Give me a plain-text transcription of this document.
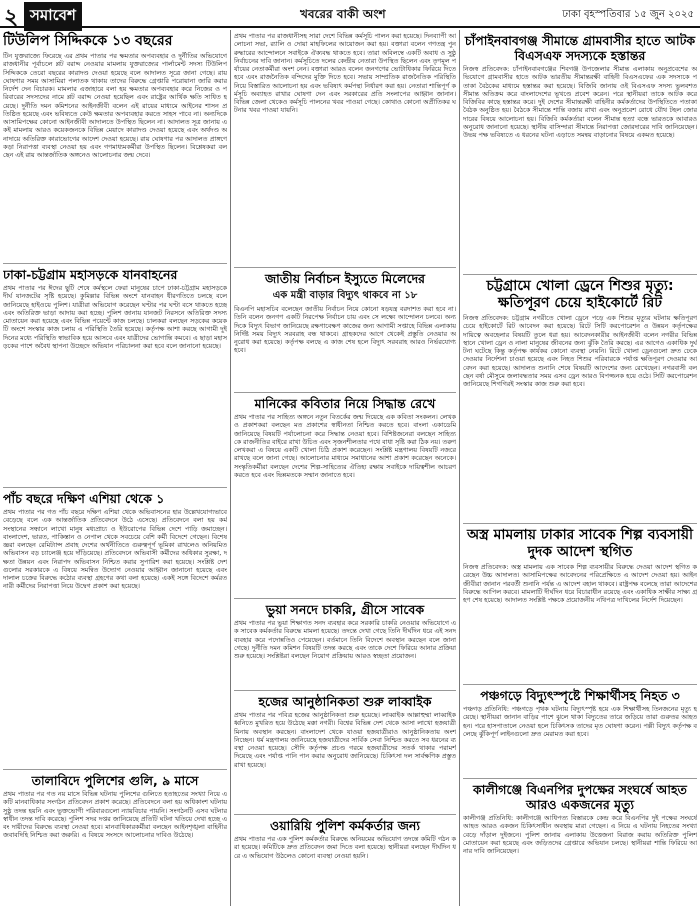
২ সমাবেশ	খবরের বাকী অংশ	ঢাকা বৃহস্পতিবার ১৫ জুন ২০২৫
টিউলিপ সিদ্দিককে ১৩ বছরের

টিন যুক্তরাজ্যে ফিরেছে এর প্রথম পাতার পর ক্ষমতার অপব্যবহার ও দুর্নীতির অভিযোগে রাজধানীর পূর্বাচলে প্লট বরাদ্দ নেওয়ার মামলায় যুক্তরাজ্যের পার্লামেন্ট সদস্য টিউলিপ সিদ্দিককে তেরো বছরের কারাদণ্ড দেওয়া হয়েছে বলে আদালত সূত্রে জানা গেছে। রায় ঘোষণার সময় আসামিরা পলাতক থাকায় তাদের বিরুদ্ধে গ্রেপ্তারি পরোয়ানা জারি করার নির্দেশ দেন বিচারক। মামলার এজাহারে বলা হয় ক্ষমতার অপব্যবহার করে নিজের ও পরিবারের সদস্যদের নামে প্লট বরাদ্দ নেওয়া হয়েছিল এবং রাষ্ট্রের আর্থিক ক্ষতি সাধিত হয়েছে। দুর্নীতি দমন কমিশনের আইনজীবী বলেন এই রায়ের মাধ্যমে আইনের শাসন প্রতিষ্ঠিত হয়েছে এবং ভবিষ্যতে কেউ ক্ষমতার অপব্যবহার করতে সাহস পাবে না। অন্যদিকে আসামিপক্ষের কোনো আইনজীবী আদালতে উপস্থিত ছিলেন না। আদালত সূত্র জানায় একই মামলায় আরও কয়েকজনকে বিভিন্ন মেয়াদে কারাদণ্ড দেওয়া হয়েছে এবং অর্থদণ্ড অনাদায়ে অতিরিক্ত কারাভোগের আদেশ দেওয়া হয়েছে। রায় ঘোষণার পর আদালত প্রাঙ্গণে কড়া নিরাপত্তা ব্যবস্থা নেওয়া হয় এবং গণমাধ্যমকর্মীরা উপস্থিত ছিলেন। বিশ্লেষকরা বলছেন এই রায় আন্তর্জাতিক অঙ্গনেও আলোচনার জন্ম দেবে।

ঢাকা-চট্টগ্রাম মহাসড়কে যানবাহনের

প্রথম পাতার পর ঈদের ছুটি শেষে কর্মস্থলে ফেরা মানুষের চাপে ঢাকা-চট্টগ্রাম মহাসড়কে দীর্ঘ যানজটের সৃষ্টি হয়েছে। কুমিল্লার বিভিন্ন অংশে যানবাহন ধীরগতিতে চলছে বলে জানিয়েছে হাইওয়ে পুলিশ। যাত্রীরা অভিযোগ করেছেন ঘণ্টার পর ঘণ্টা বসে থাকতে হচ্ছে এবং অতিরিক্ত ভাড়া আদায় করা হচ্ছে। পুলিশ জানায় যানজট নিরসনে অতিরিক্ত সদস্য মোতায়েন করা হয়েছে এবং বিভিন্ন পয়েন্টে কাজ চলছে। চালকরা বলছেন সড়কের কয়েকটি অংশে সংস্কার কাজ চলায় এ পরিস্থিতি তৈরি হয়েছে। কর্তৃপক্ষ আশা করছে আগামী দুই দিনের মধ্যে পরিস্থিতি স্বাভাবিক হয়ে আসবে এবং যাত্রীদের ভোগান্তি কমবে। এ ছাড়া মহাসড়কের পাশে অবৈধ স্থাপনা উচ্ছেদে অভিযান পরিচালনা করা হবে বলে জানানো হয়েছে।

পাঁচ বছরে দক্ষিণ এশিয়া থেকে ১

প্রথম পাতার পর গত পাঁচ বছরে দক্ষিণ এশিয়া থেকে অভিবাসনের হার উল্লেখযোগ্যভাবে বেড়েছে বলে এক আন্তর্জাতিক প্রতিবেদনে উঠে এসেছে। প্রতিবেদনে বলা হয় কর্মসংস্থানের সন্ধানে লাখো মানুষ মধ্যপ্রাচ্য ও ইউরোপের বিভিন্ন দেশে পাড়ি জমাচ্ছেন। বাংলাদেশ, ভারত, পাকিস্তান ও নেপাল থেকে সবচেয়ে বেশি কর্মী বিদেশে গেছেন। বিশেষজ্ঞরা বলছেন রেমিট্যান্স প্রবাহ দেশের অর্থনীতিতে গুরুত্বপূর্ণ ভূমিকা রাখলেও অনিয়মিত অভিবাসন বড় চ্যালেঞ্জ হয়ে দাঁড়িয়েছে। প্রতিবেদনে অভিবাসী কর্মীদের অধিকার সুরক্ষা, দক্ষতা উন্নয়ন এবং নিরাপদ অভিবাসন নিশ্চিত করার সুপারিশ করা হয়েছে। সংশ্লিষ্ট দেশগুলোর সরকারকে এ বিষয়ে সমন্বিত উদ্যোগ নেওয়ার আহ্বান জানানো হয়েছে এবং দালাল চক্রের বিরুদ্ধে কঠোর ব্যবস্থা গ্রহণের কথা বলা হয়েছে। একই সঙ্গে বিদেশে কর্মরত নারী কর্মীদের নিরাপত্তা নিয়ে উদ্বেগ প্রকাশ করা হয়েছে।

তালাবিদে পুলিশের গুলি, ৯ মাসে

প্রথম পাতার পর গত নয় মাসে বিভিন্ন ঘটনায় পুলিশের গুলিতে হতাহতের সংখ্যা নিয়ে একটি মানবাধিকার সংগঠন প্রতিবেদন প্রকাশ করেছে। প্রতিবেদনে বলা হয় অধিকাংশ ঘটনায় সুষ্ঠু তদন্ত হয়নি এবং ভুক্তভোগী পরিবারগুলো ন্যায়বিচার পায়নি। সংগঠনটি এসব ঘটনার স্বাধীন তদন্ত দাবি করেছে। পুলিশ সদর দপ্তর জানিয়েছে প্রতিটি ঘটনা খতিয়ে দেখা হচ্ছে এবং দায়ীদের বিরুদ্ধে ব্যবস্থা নেওয়া হবে। মানবাধিকারকর্মীরা বলছেন আইনশৃঙ্খলা বাহিনীর জবাবদিহি নিশ্চিত করা জরুরি। এ বিষয়ে সংসদে আলোচনার দাবিও উঠেছে।

প্রথম পাতার পর রাজধানীসহ সারা দেশে বিভিন্ন কর্মসূচি পালন করা হয়েছে। দিনব্যাপী আলোচনা সভা, র‌্যালি ও দোয়া মাহফিলের আয়োজন করা হয়। বক্তারা বলেন গণতন্ত্র পুনরুদ্ধারের আন্দোলনে সবাইকে ঐক্যবদ্ধ থাকতে হবে। তারা অবিলম্বে একটি অবাধ ও সুষ্ঠু নির্বাচনের দাবি জানান। কর্মসূচিতে দলের কেন্দ্রীয় নেতারা উপস্থিত ছিলেন এবং তৃণমূল পর্যায়ের নেতাকর্মীরা অংশ নেন। বক্তারা আরও বলেন জনগণের ভোটাধিকার ফিরিয়ে দিতে হবে এবং রাজনৈতিক বন্দিদের মুক্তি দিতে হবে। সভায় সাম্প্রতিক রাজনৈতিক পরিস্থিতি নিয়ে বিস্তারিত আলোচনা হয় এবং ভবিষ্যৎ কর্মপন্থা নির্ধারণ করা হয়। নেতারা শান্তিপূর্ণ কর্মসূচি অব্যাহত রাখার ঘোষণা দেন এবং সরকারের প্রতি সংলাপের আহ্বান জানান। বিভিন্ন জেলা থেকেও কর্মসূচি পালনের খবর পাওয়া গেছে। কোথাও কোনো অপ্রীতিকর ঘটনার খবর পাওয়া যায়নি।

জাতীয় নির্বাচন ইস্যুতে মিলেদের
এক মন্ত্রী বাড়ার বিদ্যুৎ থাকবে না ১৮

বিএনপি মহাসচিব বলেছেন জাতীয় নির্বাচন নিয়ে কোনো ষড়যন্ত্র বরদাশত করা হবে না। তিনি বলেন জনগণ একটি নিরপেক্ষ নির্বাচন চায় এবং সে লক্ষ্যে আন্দোলন চলবে। অন্যদিকে বিদ্যুৎ বিভাগ জানিয়েছে রক্ষণাবেক্ষণ কাজের জন্য আগামী সপ্তাহে বিভিন্ন এলাকায় নির্দিষ্ট সময় বিদ্যুৎ সরবরাহ বন্ধ থাকবে। গ্রাহকদের আগে থেকেই প্রস্তুতি নেওয়ার অনুরোধ করা হয়েছে। কর্তৃপক্ষ বলছে এ কাজ শেষ হলে বিদ্যুৎ সরবরাহ আরও নির্ভরযোগ্য হবে।

মানিকের কবিতার নিয়ে সিদ্ধান্ত রেখে

প্রথম পাতার পর সাহিত্য অঙ্গনে নতুন বিতর্কের জন্ম দিয়েছে এক কবিতা সংকলন। লেখক ও প্রকাশকরা বলছেন মত প্রকাশের স্বাধীনতা নিশ্চিত করতে হবে। বাংলা একাডেমি জানিয়েছে বিষয়টি পর্যালোচনা করে সিদ্ধান্ত নেওয়া হবে। বিশিষ্টজনেরা বলছেন সাহিত্যকে রাজনীতির বাইরে রাখা উচিত এবং সৃজনশীলতার পথে বাধা সৃষ্টি করা ঠিক নয়। তরুণ লেখকরা এ বিষয়ে একটি খোলা চিঠি প্রকাশ করেছেন। সংশ্লিষ্ট মন্ত্রণালয় বিষয়টি নজরে রাখছে বলে জানা গেছে। আলোচনার মাধ্যমে সমাধানের আশা প্রকাশ করেছেন অনেকে। সংস্কৃতিকর্মীরা বলছেন দেশের শিল্প-সাহিত্যের ঐতিহ্য রক্ষায় সবাইকে দায়িত্বশীল আচরণ করতে হবে এবং ভিন্নমতকে সম্মান জানাতে হবে।

ভুয়া সনদে চাকরি, গ্রীসে সাবেক

প্রথম পাতার পর ভুয়া শিক্ষাগত সনদ ব্যবহার করে সরকারি চাকরি নেওয়ার অভিযোগে এক সাবেক কর্মকর্তার বিরুদ্ধে মামলা হয়েছে। তদন্তে দেখা গেছে তিনি দীর্ঘদিন ধরে এই সনদ ব্যবহার করে পদোন্নতিও পেয়েছেন। বর্তমানে তিনি বিদেশে অবস্থান করছেন বলে জানা গেছে। দুর্নীতি দমন কমিশন বিষয়টি তদন্ত করছে এবং তাকে দেশে ফিরিয়ে আনার প্রক্রিয়া শুরু হয়েছে। সংশ্লিষ্টরা বলছেন নিয়োগ প্রক্রিয়ায় আরও স্বচ্ছতা প্রয়োজন।

হজের আনুষ্ঠানিকতা শুরু লাব্বাইক

প্রথম পাতার পর পবিত্র হজের আনুষ্ঠানিকতা শুরু হয়েছে। লাব্বাইক আল্লাহুম্মা লাব্বাইক ধ্বনিতে মুখরিত হয়ে উঠেছে মক্কা নগরী। বিশ্বের বিভিন্ন দেশ থেকে আসা লাখো হজযাত্রী মিনায় অবস্থান করছেন। বাংলাদেশ থেকে যাওয়া হজযাত্রীরাও আনুষ্ঠানিকতায় অংশ নিচ্ছেন। ধর্ম মন্ত্রণালয় জানিয়েছে হজযাত্রীদের সার্বিক সেবা নিশ্চিত করতে সব ধরনের ব্যবস্থা নেওয়া হয়েছে। সৌদি কর্তৃপক্ষ প্রচণ্ড গরমে হজযাত্রীদের সতর্ক থাকার পরামর্শ দিয়েছে এবং পর্যাপ্ত পানি পান করার অনুরোধ জানিয়েছে। চিকিৎসা দল সার্বক্ষণিক প্রস্তুত রাখা হয়েছে।

ওয়ারিয়ি পুলিশ কর্মকর্তার জন্য

প্রথম পাতার পর এক পুলিশ কর্মকর্তার বিরুদ্ধে অনিয়মের অভিযোগ তদন্তে কমিটি গঠন করা হয়েছে। কমিটিকে দ্রুত প্রতিবেদন জমা দিতে বলা হয়েছে। স্থানীয়রা বলছেন দীর্ঘদিন ধরে এ অভিযোগ উঠলেও কোনো ব্যবস্থা নেওয়া হয়নি।

চাঁপাইনবাবগঞ্জ সীমান্তে গ্রামবাসীর হাতে আটক বিএসএফ সদস্যকে হস্তান্তর

নিজস্ব প্রতিবেদক: চাঁপাইনবাবগঞ্জের শিবগঞ্জ উপজেলার সীমান্ত এলাকায় অনুপ্রবেশের অভিযোগে গ্রামবাসীর হাতে আটক ভারতীয় সীমান্তরক্ষী বাহিনী বিএসএফের এক সদস্যকে পতাকা বৈঠকের মাধ্যমে হস্তান্তর করা হয়েছে। বিজিবি জানায় ওই বিএসএফ সদস্য ভুলবশত সীমান্ত অতিক্রম করে বাংলাদেশের ভূখণ্ডে প্রবেশ করেন। পরে স্থানীয়রা তাকে আটক করে বিজিবির কাছে হস্তান্তর করে। দুই দেশের সীমান্তরক্ষী বাহিনীর কর্মকর্তাদের উপস্থিতিতে পতাকা বৈঠক অনুষ্ঠিত হয়। বৈঠকে সীমান্তে শান্তি বজায় রাখা এবং অনুপ্রবেশ রোধে যৌথ টহল জোরদারের বিষয়ে আলোচনা হয়। বিজিবি কর্মকর্তারা বলেন সীমান্ত হত্যা বন্ধে ভারতকে আবারও অনুরোধ জানানো হয়েছে। স্থানীয় বাসিন্দারা সীমান্তে নিরাপত্তা জোরদারের দাবি জানিয়েছেন। উভয় পক্ষ ভবিষ্যতে এ ধরনের ঘটনা এড়াতে সমন্বয় বাড়ানোর বিষয়ে একমত হয়েছে।

চট্টগ্রামে খোলা ড্রেনে শিশুর মৃত্যু: ক্ষতিপূরণ চেয়ে হাইকোর্টে রিট

নিজস্ব প্রতিবেদক: চট্টগ্রাম নগরীতে খোলা ড্রেনে পড়ে এক শিশুর মৃত্যুর ঘটনায় ক্ষতিপূরণ চেয়ে হাইকোর্টে রিট আবেদন করা হয়েছে। রিটে সিটি করপোরেশন ও উন্নয়ন কর্তৃপক্ষের দায়িত্বে অবহেলার বিষয়টি তুলে ধরা হয়। আবেদনকারীর আইনজীবী বলেন নগরীর বিভিন্ন স্থানে খোলা ড্রেন ও নালা মানুষের জীবনের জন্য ঝুঁকি তৈরি করছে। এর আগেও একাধিক দুর্ঘটনা ঘটেছে কিন্তু কর্তৃপক্ষ কার্যকর কোনো ব্যবস্থা নেয়নি। রিটে খোলা ড্রেনগুলো দ্রুত ঢেকে দেওয়ার নির্দেশনা চাওয়া হয়েছে এবং নিহত শিশুর পরিবারকে পর্যাপ্ত ক্ষতিপূরণ দেওয়ার আবেদন করা হয়েছে। আদালত শুনানি শেষে বিষয়টি আদেশের জন্য রেখেছেন। নগরবাসী বলছেন বর্ষা মৌসুমে জলাবদ্ধতার সময় এসব ড্রেন আরও বিপজ্জনক হয়ে ওঠে। সিটি করপোরেশন জানিয়েছে শিগগিরই সংস্কার কাজ শুরু করা হবে।

অস্ত্র মামলায় ঢাকার সাবেক শিল্প ব্যবসায়ী দুদক আদেশ স্থগিত

নিজস্ব প্রতিবেদক: অস্ত্র মামলায় এক সাবেক শিল্প ব্যবসায়ীর বিরুদ্ধে দেওয়া আদেশ স্থগিত করেছেন উচ্চ আদালত। আসামিপক্ষের আবেদনের পরিপ্রেক্ষিতে এ আদেশ দেওয়া হয়। আইনজীবীরা জানান পরবর্তী শুনানি পর্যন্ত এ আদেশ বহাল থাকবে। রাষ্ট্রপক্ষ বলেছে তারা আদেশের বিরুদ্ধে আপিল করবে। মামলাটি দীর্ঘদিন ধরে বিচারাধীন রয়েছে এবং একাধিক সাক্ষীর সাক্ষ্য গ্রহণ শেষ হয়েছে। আদালত সংশ্লিষ্ট পক্ষকে প্রয়োজনীয় নথিপত্র দাখিলের নির্দেশ দিয়েছেন।

পঞ্চগড়ে বিদ্যুৎস্পৃষ্টে শিক্ষার্থীসহ নিহত ৩

পঞ্চগড় প্রতিনিধি: পঞ্চগড়ে পৃথক ঘটনায় বিদ্যুৎস্পৃষ্ট হয়ে এক শিক্ষার্থীসহ তিনজনের মৃত্যু হয়েছে। স্থানীয়রা জানান বাড়ির পাশে ঝুলে থাকা বিদ্যুতের তারে জড়িয়ে তারা গুরুতর আহত হন। পরে হাসপাতালে নেওয়া হলে চিকিৎসক তাদের মৃত ঘোষণা করেন। পল্লী বিদ্যুৎ কর্তৃপক্ষ বলেছে ঝুঁকিপূর্ণ লাইনগুলো দ্রুত মেরামত করা হবে।

কালীগঞ্জে বিএনপির দুপক্ষের সংঘর্ষে আহত আরও একজনের মৃত্যু

কালীগঞ্জ প্রতিনিধি: কালীগঞ্জে আধিপত্য বিস্তারকে কেন্দ্র করে বিএনপির দুই পক্ষের সংঘর্ষে আহত আরও একজন চিকিৎসাধীন অবস্থায় মারা গেছেন। এ নিয়ে এ ঘটনায় নিহতের সংখ্যা বেড়ে দাঁড়াল দুইজনে। পুলিশ জানায় এলাকায় উত্তেজনা বিরাজ করায় অতিরিক্ত পুলিশ মোতায়েন করা হয়েছে এবং জড়িতদের গ্রেপ্তারে অভিযান চলছে। স্থানীয়রা শান্তি ফিরিয়ে আনার দাবি জানিয়েছেন।
